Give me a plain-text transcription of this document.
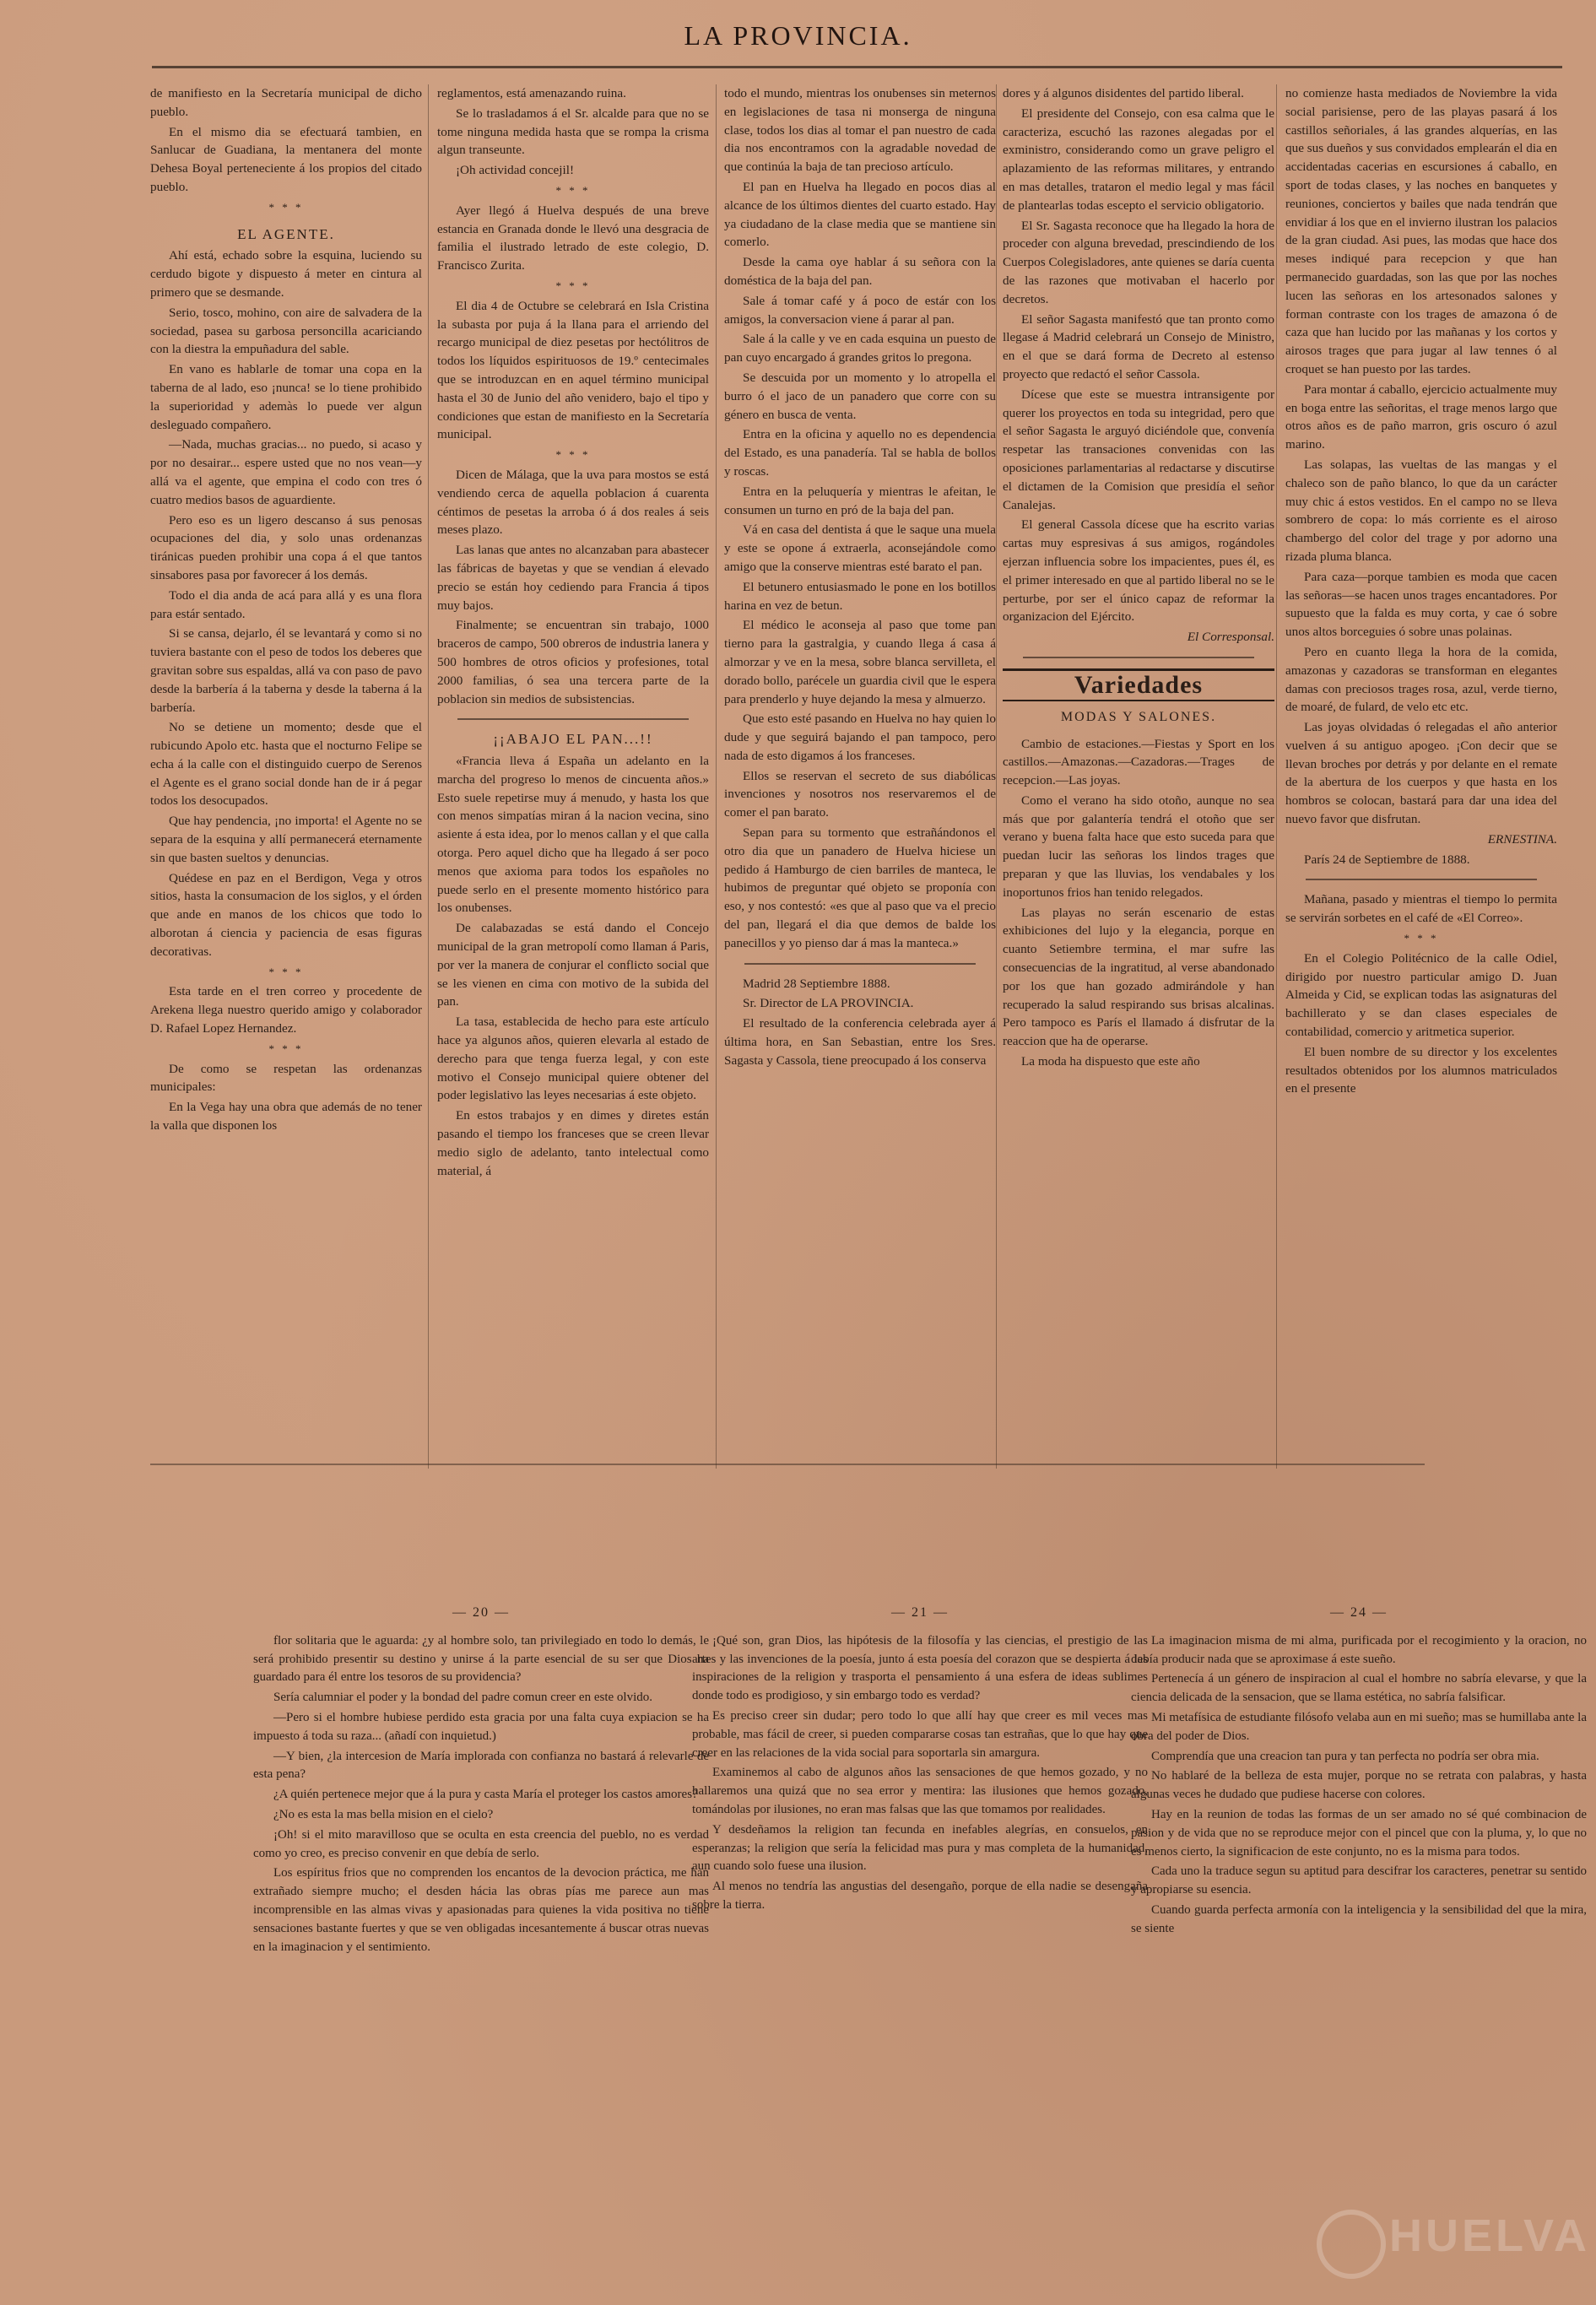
LA PROVINCIA.

de manifiesto en la Secretaría municipal de dicho pueblo.

En el mismo dia se efectuará tambien, en Sanlucar de Guadiana, la mentanera del monte Dehesa Boyal perteneciente á los propios del citado pueblo.

* * *

EL AGENTE.

Ahí está, echado sobre la esquina, luciendo su cerdudo bigote y dispuesto á meter en cintura al primero que se desmande.

Serio, tosco, mohino, con aire de salvadera de la sociedad, pasea su garbosa personcilla acariciando con la diestra la empuñadura del sable.

En vano es hablarle de tomar una copa en la taberna de al lado, eso ¡nunca! se lo tiene prohibido la superioridad y ademàs lo puede ver algun desleguado compañero.

—Nada, muchas gracias... no puedo, si acaso y por no desairar... espere usted que no nos vean—y allá va el agente, que empina el codo con tres ó cuatro medios basos de aguardiente.

Pero eso es un ligero descanso á sus penosas ocupaciones del dia, y solo unas ordenanzas tiránicas pueden prohibir una copa á el que tantos sinsabores pasa por favorecer á los demás.

Todo el dia anda de acá para allá y es una flora para estár sentado.

Si se cansa, dejarlo, él se levantará y como si no tuviera bastante con el peso de todos los deberes que gravitan sobre sus espaldas, allá va con paso de pavo desde la barbería á la taberna y desde la taberna á la barbería.

No se detiene un momento; desde que el rubicundo Apolo etc. hasta que el nocturno Felipe se echa á la calle con el distinguido cuerpo de Serenos el Agente es el grano social donde han de ir á pegar todos los desocupados.

Que hay pendencia, ¡no importa! el Agente no se separa de la esquina y allí permanecerá eternamente sin que basten sueltos y denuncias.

Quédese en paz en el Berdigon, Vega y otros sitios, hasta la consumacion de los siglos, y el órden que ande en manos de los chicos que todo lo alborotan á ciencia y paciencia de esas figuras decorativas.

* * *

Esta tarde en el tren correo y procedente de Arekena llega nuestro querido amigo y colaborador D. Rafael Lopez Hernandez.

* * *

De como se respetan las ordenanzas municipales:

En la Vega hay una obra que además de no tener la valla que disponen los

reglamentos, está amenazando ruina.

Se lo trasladamos á el Sr. alcalde para que no se tome ninguna medida hasta que se rompa la crisma algun transeunte.

¡Oh actividad concejil!

* * *

Ayer llegó á Huelva después de una breve estancia en Granada donde le llevó una desgracia de familia el ilustrado letrado de este colegio, D. Francisco Zurita.

* * *

El dia 4 de Octubre se celebrará en Isla Cristina la subasta por puja á la llana para el arriendo del recargo municipal de diez pesetas por hectólitros de todos los líquidos espirituosos de 19.º centecimales que se introduzcan en en aquel término municipal hasta el 30 de Junio del año venidero, bajo el tipo y condiciones que estan de manifiesto en la Secretaría municipal.

* * *

Dicen de Málaga, que la uva para mostos se está vendiendo cerca de aquella poblacion á cuarenta céntimos de pesetas la arroba ó á dos reales á seis meses plazo.

Las lanas que antes no alcanzaban para abastecer las fábricas de bayetas y que se vendian á elevado precio se están hoy cediendo para Francia á tipos muy bajos.

Finalmente; se encuentran sin trabajo, 1000 braceros de campo, 500 obreros de industria lanera y 500 hombres de otros oficios y profesiones, total 2000 familias, ó sea una tercera parte de la poblacion sin medios de subsistencias.

¡¡ABAJO EL PAN...!!

«Francia lleva á España un adelanto en la marcha del progreso lo menos de cincuenta años.» Esto suele repetirse muy á menudo, y hasta los que con menos simpatías miran á la nacion vecina, sino asiente á esta idea, por lo menos callan y el que calla otorga. Pero aquel dicho que ha llegado á ser poco menos que axioma para todos los españoles no puede serlo en el presente momento histórico para los onubenses.

De calabazadas se está dando el Concejo municipal de la gran metropolí como llaman á Paris, por ver la manera de conjurar el conflicto social que se les vienen en cima con motivo de la subida del pan.

La tasa, establecida de hecho para este artículo hace ya algunos años, quieren elevarla al estado de derecho para que tenga fuerza legal, y con este motivo el Consejo municipal quiere obtener del poder legislativo las leyes necesarias á este objeto.

En estos trabajos y en dimes y diretes están pasando el tiempo los franceses que se creen llevar medio siglo de adelanto, tanto intelectual como material, á

todo el mundo, mientras los onubenses sin meternos en legislaciones de tasa ni monserga de ninguna clase, todos los dias al tomar el pan nuestro de cada dia nos encontramos con la agradable novedad de que continúa la baja de tan precioso artículo.

El pan en Huelva ha llegado en pocos dias al alcance de los últimos dientes del cuarto estado. Hay ya ciudadano de la clase media que se mantiene sin comerlo.

Desde la cama oye hablar á su señora con la doméstica de la baja del pan.

Sale á tomar café y á poco de estár con los amigos, la conversacion viene á parar al pan.

Sale á la calle y ve en cada esquina un puesto de pan cuyo encargado á grandes gritos lo pregona.

Se descuida por un momento y lo atropella el burro ó el jaco de un panadero que corre con su género en busca de venta.

Entra en la oficina y aquello no es dependencia del Estado, es una panadería. Tal se habla de bollos y roscas.

Entra en la peluquería y mientras le afeitan, le consumen un turno en pró de la baja del pan.

Vá en casa del dentista á que le saque una muela y este se opone á extraerla, aconsejándole como amigo que la conserve mientras esté barato el pan.

El betunero entusiasmado le pone en los botillos harina en vez de betun.

El médico le aconseja al paso que tome pan tierno para la gastralgia, y cuando llega á casa á almorzar y ve en la mesa, sobre blanca servilleta, el dorado bollo, parécele un guardia civil que le espera para prenderlo y huye dejando la mesa y almuerzo.

Que esto esté pasando en Huelva no hay quien lo dude y que seguirá bajando el pan tampoco, pero nada de esto digamos á los franceses.

Ellos se reservan el secreto de sus diabólicas invenciones y nosotros nos reservaremos el de comer el pan barato.

Sepan para su tormento que estrañándonos el otro dia que un panadero de Huelva hiciese un pedido á Hamburgo de cien barriles de manteca, le hubimos de preguntar qué objeto se proponía con eso, y nos contestó: «es que al paso que va el precio del pan, llegará el dia que demos de balde los panecillos y yo pienso dar á mas la manteca.»

Madrid 28 Septiembre 1888.

Sr. Director de LA PROVINCIA.

El resultado de la conferencia celebrada ayer á última hora, en San Sebastian, entre los Sres. Sagasta y Cassola, tiene preocupado á los conserva

dores y á algunos disidentes del partido liberal.

El presidente del Consejo, con esa calma que le caracteriza, escuchó las razones alegadas por el exministro, considerando como un grave peligro el aplazamiento de las reformas militares, y entrando en mas detalles, trataron el medio legal y mas fácil de plantearlas todas escepto el servicio obligatorio.

El Sr. Sagasta reconoce que ha llegado la hora de proceder con alguna brevedad, prescindiendo de los Cuerpos Colegisladores, ante quienes se daría cuenta de las razones que motivaban el hacerlo por decretos.

El señor Sagasta manifestó que tan pronto como llegase á Madrid celebrará un Consejo de Ministro, en el que se dará forma de Decreto al estenso proyecto que redactó el señor Cassola.

Dícese que este se muestra intransigente por querer los proyectos en toda su integridad, pero que el señor Sagasta le arguyó diciéndole que, convenía respetar las transaciones convenidas con las oposiciones parlamentarias al redactarse y discutirse el dictamen de la Comision que presidía el señor Canalejas.

El general Cassola dícese que ha escrito varias cartas muy espresivas á sus amigos, rogándoles ejerzan influencia sobre los impacientes, pues él, es el primer interesado en que al partido liberal no se le perturbe, por ser el único capaz de reformar la organizacion del Ejército.

El Corresponsal.

Variedades
MODAS Y SALONES.

Cambio de estaciones.—Fiestas y Sport en los castillos.—Amazonas.—Cazadoras.—Trages de recepcion.—Las joyas.

Como el verano ha sido otoño, aunque no sea más que por galantería tendrá el otoño que ser verano y buena falta hace que esto suceda para que puedan lucir las señoras los lindos trages que preparan y que las lluvias, los vendabales y los inoportunos frios han tenido relegados.

Las playas no serán escenario de estas exhibiciones del lujo y la elegancia, porque en cuanto Setiembre termina, el mar sufre las consecuencias de la ingratitud, al verse abandonado por los que han gozado admirándole y han recuperado la salud respirando sus brisas alcalinas. Pero tampoco es París el llamado á disfrutar de la reaccion que ha de operarse.

La moda ha dispuesto que este año

no comienze hasta mediados de Noviembre la vida social parisiense, pero de las playas pasará á los castillos señoriales, á las grandes alquerías, en las que sus dueños y sus convidados emplearán el dia en accidentadas cacerias en escursiones á caballo, en sport de todas clases, y las noches en banquetes y reuniones, conciertos y bailes que nada tendrán que envidiar á los que en el invierno ilustran los palacios de la gran ciudad. Asi pues, las modas que hace dos meses indiqué para recepcion y que han permanecido guardadas, son las que por las noches lucen las señoras en los artesonados salones y forman contraste con los trages de amazona ó de caza que han lucido por las mañanas y los cortos y airosos trages que para jugar al law tennes ó al croquet se han puesto por las tardes.

Para montar á caballo, ejercicio actualmente muy en boga entre las señoritas, el trage menos largo que otros años es de paño marron, gris oscuro ó azul marino.

Las solapas, las vueltas de las mangas y el chaleco son de paño blanco, lo que da un carácter muy chic á estos vestidos. En el campo no se lleva sombrero de copa: lo más corriente es el airoso chambergo del color del trage y por adorno una rizada pluma blanca.

Para caza—porque tambien es moda que cacen las señoras—se hacen unos trages encantadores. Por supuesto que la falda es muy corta, y cae ó sobre unos altos borceguies ó sobre unas polainas.

Pero en cuanto llega la hora de la comida, amazonas y cazadoras se transforman en elegantes damas con preciosos trages rosa, azul, verde tierno, de moaré, de fulard, de velo etc etc.

Las joyas olvidadas ó relegadas el año anterior vuelven á su antiguo apogeo. ¡Con decir que se llevan broches por detrás y por delante en el remate de la abertura de los cuerpos y que hasta en los hombros se colocan, bastará para dar una idea del nuevo favor que disfrutan.

ERNESTINA.

París 24 de Septiembre de 1888.

Mañana, pasado y mientras el tiempo lo permita se servirán sorbetes en el café de «El Correo».

* * *

En el Colegio Politécnico de la calle Odiel, dirigido por nuestro particular amigo D. Juan Almeida y Cid, se explican todas las asignaturas del bachillerato y se dan clases especiales de contabilidad, comercio y aritmetica superior.

El buen nombre de su director y los excelentes resultados obtenidos por los alumnos matriculados en el presente

— 20 —

flor solitaria que le aguarda: ¿y al hombre solo, tan privilegiado en todo lo demás, le será prohibido presentir su destino y unirse á la parte esencial de su ser que Dios ha guardado para él entre los tesoros de su providencia?

Sería calumniar el poder y la bondad del padre comun creer en este olvido.

—Pero si el hombre hubiese perdido esta gracia por una falta cuya expiacion se ha impuesto á toda su raza... (añadí con inquietud.)

—Y bien, ¿la intercesion de María implorada con confianza no bastará á relevarle de esta pena?

¿A quién pertenece mejor que á la pura y casta María el proteger los castos amores?

¿No es esta la mas bella mision en el cielo?

¡Oh! si el mito maravilloso que se oculta en esta creencia del pueblo, no es verdad como yo creo, es preciso convenir en que debía de serlo.

Los espíritus frios que no comprenden los encantos de la devocion práctica, me han extrañado siempre mucho; el desden hácia las obras pías me parece aun mas incomprensible en las almas vivas y apasionadas para quienes la vida positiva no tiene sensaciones bastante fuertes y que se ven obligadas incesantemente á buscar otras nuevas en la imaginacion y el sentimiento.

— 21 —

¡Qué son, gran Dios, las hipótesis de la filosofía y las ciencias, el prestigio de las artes y las invenciones de la poesía, junto á esta poesía del corazon que se despierta á las inspiraciones de la religion y trasporta el pensamiento á una esfera de ideas sublimes donde todo es prodigioso, y sin embargo todo es verdad?

Es preciso creer sin dudar; pero todo lo que allí hay que creer es mil veces mas probable, mas fácil de creer, si pueden compararse cosas tan estrañas, que lo que hay que creer en las relaciones de la vida social para soportarla sin amargura.

Examinemos al cabo de algunos años las sensaciones de que hemos gozado, y no hallaremos una quizá que no sea error y mentira: las ilusiones que hemos gozado, tomándolas por ilusiones, no eran mas falsas que las que tomamos por realidades.

Y desdeñamos la religion tan fecunda en inefables alegrías, en consuelos, en esperanzas; la religion que sería la felicidad mas pura y mas completa de la humanidad, aun cuando solo fuese una ilusion.

Al menos no tendría las angustias del desengaño, porque de ella nadie se desengaña sobre la tierra.

— 24 —

La imaginacion misma de mi alma, purificada por el recogimiento y la oracion, no debía producir nada que se aproximase á este sueño.

Pertenecía á un género de inspiracion al cual el hombre no sabría elevarse, y que la ciencia delicada de la sensacion, que se llama estética, no sabría falsificar.

Mi metafísica de estudiante filósofo velaba aun en mi sueño; mas se humillaba ante la obra del poder de Dios.

Comprendía que una creacion tan pura y tan perfecta no podría ser obra mia.

No hablaré de la belleza de esta mujer, porque no se retrata con palabras, y hasta algunas veces he dudado que pudiese hacerse con colores.

Hay en la reunion de todas las formas de un ser amado no sé qué combinacion de pasion y de vida que no se reproduce mejor con el pincel que con la pluma, y, lo que no es menos cierto, la significacion de este conjunto, no es la misma para todos.

Cada uno la traduce segun su aptitud para descifrar los caracteres, penetrar su sentido y apropiarse su esencia.

Cuando guarda perfecta armonía con la inteligencia y la sensibilidad del que la mira, se siente

HUELVA
